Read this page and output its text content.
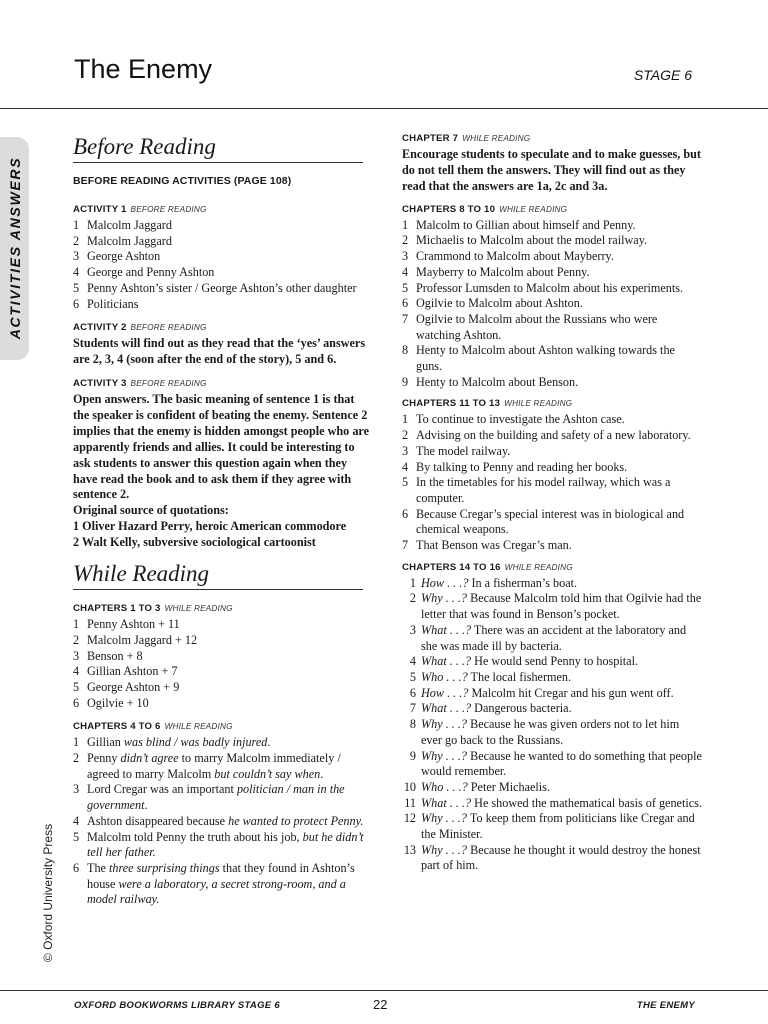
The Enemy	STAGE 6
ACTIVITIES ANSWERS
© Oxford University Press
Before Reading
BEFORE READING ACTIVITIES (PAGE 108)
ACTIVITY 1 BEFORE READING
1 Malcolm Jaggard
2 Malcolm Jaggard
3 George Ashton
4 George and Penny Ashton
5 Penny Ashton’s sister / George Ashton’s other daughter
6 Politicians
ACTIVITY 2 BEFORE READING

Students will find out as they read that the ‘yes’ answers are 2, 3, 4 (soon after the end of the story), 5 and 6.

ACTIVITY 3 BEFORE READING

Open answers. The basic meaning of sentence 1 is that the speaker is confident of beating the enemy. Sentence 2 implies that the enemy is hidden amongst people who are apparently friends and allies. It could be interesting to ask students to answer this question again when they have read the book and to ask them if they agree with sentence 2.

Original source of quotations:

1 Oliver Hazard Perry, heroic American commodore

2 Walt Kelly, subversive sociological cartoonist

While Reading
CHAPTERS 1 TO 3 WHILE READING
1 Penny Ashton + 11
2 Malcolm Jaggard + 12
3 Benson + 8
4 Gillian Ashton + 7
5 George Ashton + 9
6 Ogilvie + 10
CHAPTERS 4 TO 6 WHILE READING
1 Gillian was blind / was badly injured.
2 Penny didn’t agree to marry Malcolm immediately / agreed to marry Malcolm but couldn’t say when.
3 Lord Cregar was an important politician / man in the government.
4 Ashton disappeared because he wanted to protect Penny.
5 Malcolm told Penny the truth about his job, but he didn’t tell her father.
6 The three surprising things that they found in Ashton’s house were a laboratory, a secret strong-room, and a model railway.
CHAPTER 7 WHILE READING

Encourage students to speculate and to make guesses, but do not tell them the answers. They will find out as they read that the answers are 1a, 2c and 3a.

CHAPTERS 8 TO 10 WHILE READING
1 Malcolm to Gillian about himself and Penny.
2 Michaelis to Malcolm about the model railway.
3 Crammond to Malcolm about Mayberry.
4 Mayberry to Malcolm about Penny.
5 Professor Lumsden to Malcolm about his experiments.
6 Ogilvie to Malcolm about Ashton.
7 Ogilvie to Malcolm about the Russians who were watching Ashton.
8 Henty to Malcolm about Ashton walking towards the guns.
9 Henty to Malcolm about Benson.
CHAPTERS 11 TO 13 WHILE READING
1 To continue to investigate the Ashton case.
2 Advising on the building and safety of a new laboratory.
3 The model railway.
4 By talking to Penny and reading her books.
5 In the timetables for his model railway, which was a computer.
6 Because Cregar’s special interest was in biological and chemical weapons.
7 That Benson was Cregar’s man.
CHAPTERS 14 TO 16 WHILE READING
1 How . . .? In a fisherman’s boat.
2 Why . . .? Because Malcolm told him that Ogilvie had the letter that was found in Benson’s pocket.
3 What . . .? There was an accident at the laboratory and she was made ill by bacteria.
4 What . . .? He would send Penny to hospital.
5 Who . . .? The local fishermen.
6 How . . .? Malcolm hit Cregar and his gun went off.
7 What . . .? Dangerous bacteria.
8 Why . . .? Because he was given orders not to let him ever go back to the Russians.
9 Why . . .? Because he wanted to do something that people would remember.
10 Who . . .? Peter Michaelis.
11 What . . .? He showed the mathematical basis of genetics.
12 Why . . .? To keep them from politicians like Cregar and the Minister.
13 Why . . .? Because he thought it would destroy the honest part of him.
OXFORD BOOKWORMS LIBRARY STAGE 6	22	THE ENEMY
